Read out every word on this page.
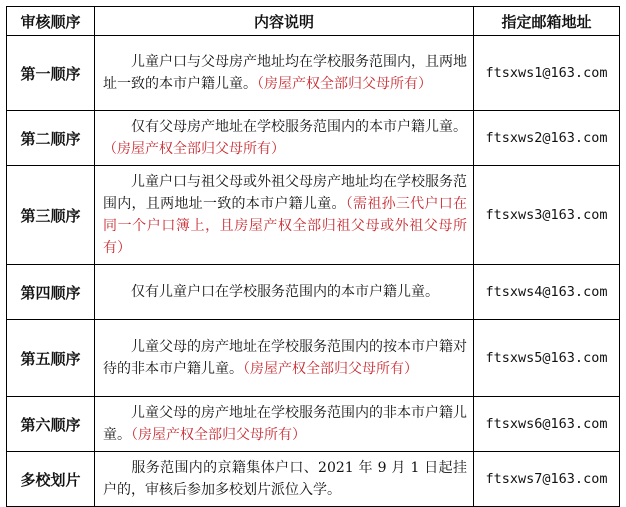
审核顺序	内容说明	指定邮箱地址
第一顺序	儿童户口与父母房产地址均在学校服务范围内，且两地址一致的本市户籍儿童。（房屋产权全部归父母所有）	ftsxws1@163.com
第二顺序	仅有父母房产地址在学校服务范围内的本市户籍儿童。（房屋产权全部归父母所有）	ftsxws2@163.com
第三顺序	儿童户口与祖父母或外祖父母房产地址均在学校服务范围内，且两地址一致的本市户籍儿童。（需祖孙三代户口在同一个户口簿上，且房屋产权全部归祖父母或外祖父母所有）	ftsxws3@163.com
第四顺序	仅有儿童户口在学校服务范围内的本市户籍儿童。	ftsxws4@163.com
第五顺序	儿童父母的房产地址在学校服务范围内的按本市户籍对待的非本市户籍儿童。（房屋产权全部归父母所有）	ftsxws5@163.com
第六顺序	儿童父母的房产地址在学校服务范围内的非本市户籍儿童。（房屋产权全部归父母所有）	ftsxws6@163.com
多校划片	服务范围内的京籍集体户口、2021 年 9 月 1 日起挂户的，审核后参加多校划片派位入学。	ftsxws7@163.com
